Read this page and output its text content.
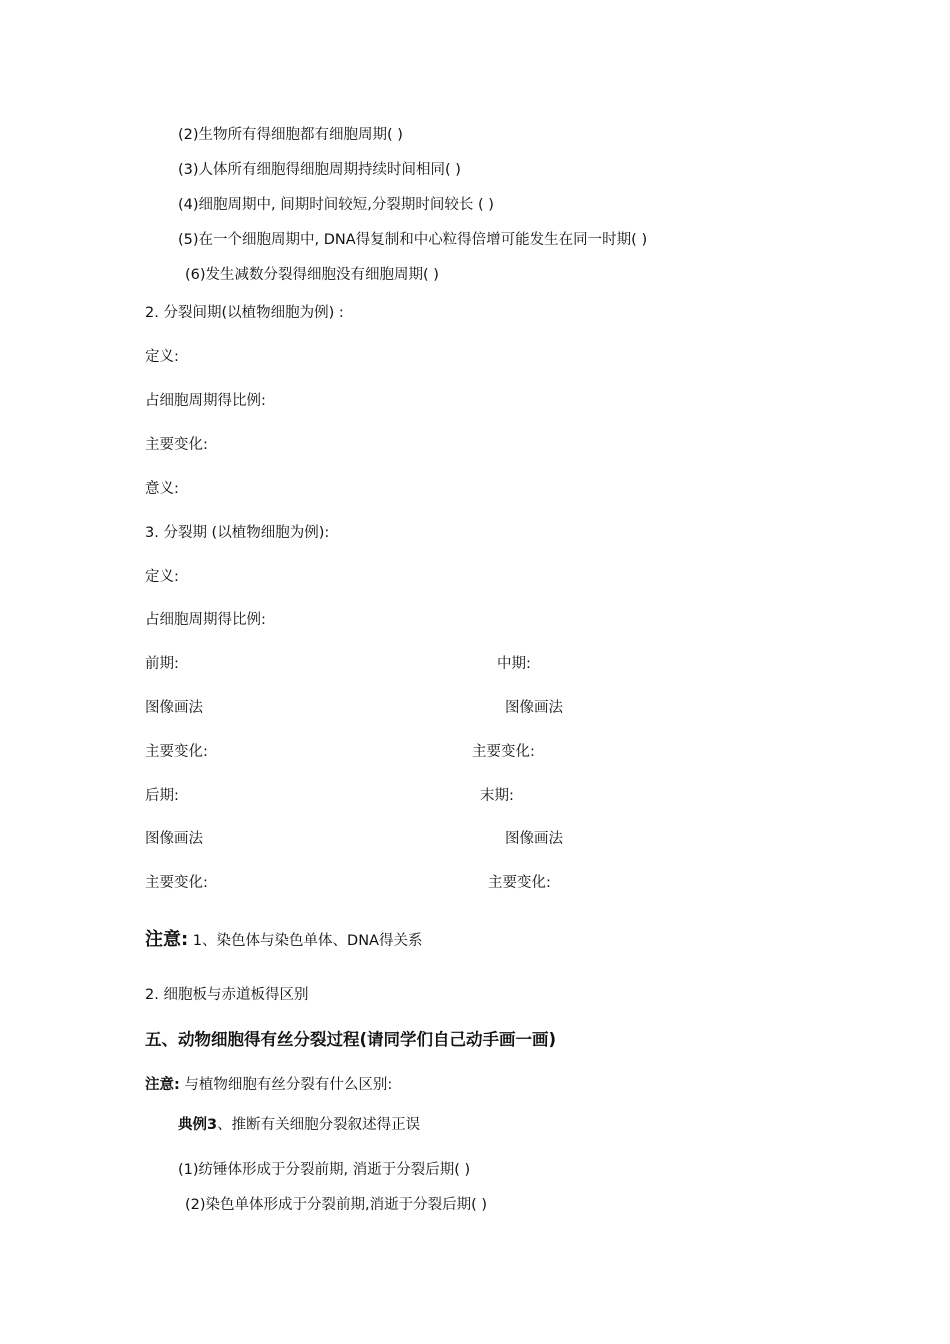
(2)生物所有得细胞都有细胞周期( )
(3)人体所有细胞得细胞周期持续时间相同( )
(4)细胞周期中, 间期时间较短,分裂期时间较长 ( )
(5)在一个细胞周期中, DNA得复制和中心粒得倍增可能发生在同一时期( )
(6)发生减数分裂得细胞没有细胞周期( )
2. 分裂间期(以植物细胞为例) :
定义:
占细胞周期得比例:
主要变化:
意义:
3. 分裂期 (以植物细胞为例):
定义:
占细胞周期得比例:
前期:	中期:
图像画法	图像画法
主要变化:	主要变化:
后期:	末期:
图像画法	图像画法
主要变化:	主要变化:
注意: 1、染色体与染色单体、DNA得关系
2. 细胞板与赤道板得区别
五、动物细胞得有丝分裂过程(请同学们自己动手画一画)
注意: 与植物细胞有丝分裂有什么区别:
典例3、推断有关细胞分裂叙述得正误
(1)纺锤体形成于分裂前期, 消逝于分裂后期( )
(2)染色单体形成于分裂前期,消逝于分裂后期( )
